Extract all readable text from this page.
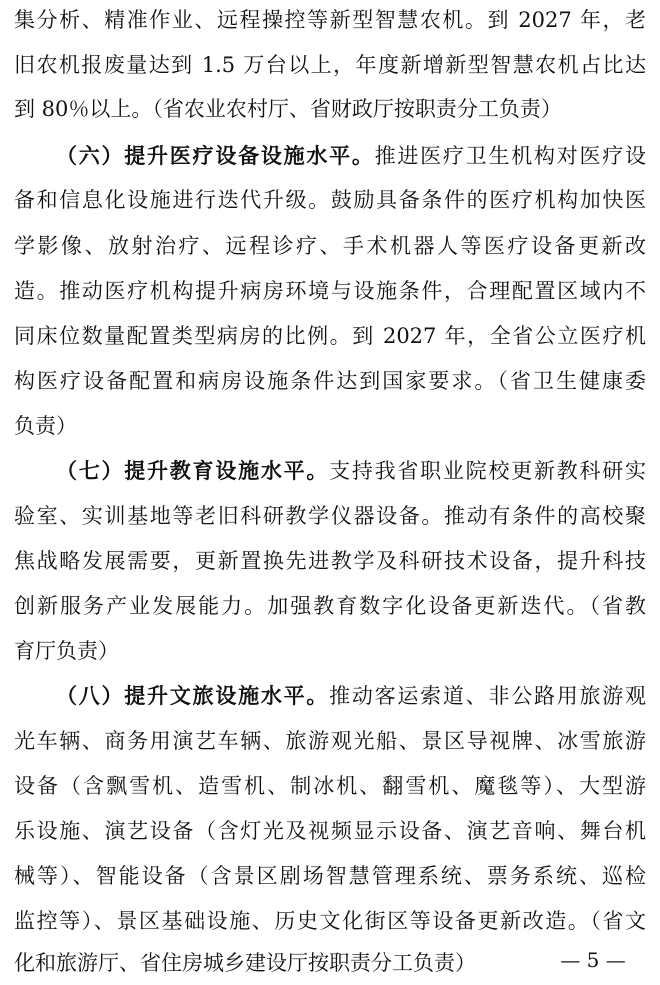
集分析、精准作业、远程操控等新型智慧农机。到 2027 年，老
旧农机报废量达到 1.5 万台以上，年度新增新型智慧农机占比达
到 80％以上。（省农业农村厅、省财政厅按职责分工负责）
（六）提升医疗设备设施水平。推进医疗卫生机构对医疗设
备和信息化设施进行迭代升级。鼓励具备条件的医疗机构加快医
学影像、放射治疗、远程诊疗、手术机器人等医疗设备更新改
造。推动医疗机构提升病房环境与设施条件，合理配置区域内不
同床位数量配置类型病房的比例。到 2027 年，全省公立医疗机
构医疗设备配置和病房设施条件达到国家要求。（省卫生健康委
负责）
（七）提升教育设施水平。支持我省职业院校更新教科研实
验室、实训基地等老旧科研教学仪器设备。推动有条件的高校聚
焦战略发展需要，更新置换先进教学及科研技术设备，提升科技
创新服务产业发展能力。加强教育数字化设备更新迭代。（省教
育厅负责）
（八）提升文旅设施水平。推动客运索道、非公路用旅游观
光车辆、商务用演艺车辆、旅游观光船、景区导视牌、冰雪旅游
设备（含飘雪机、造雪机、制冰机、翻雪机、魔毯等）、大型游
乐设施、演艺设备（含灯光及视频显示设备、演艺音响、舞台机
械等）、智能设备（含景区剧场智慧管理系统、票务系统、巡检
监控等）、景区基础设施、历史文化街区等设备更新改造。（省文
化和旅游厅、省住房城乡建设厅按职责分工负责）	— 5 —
